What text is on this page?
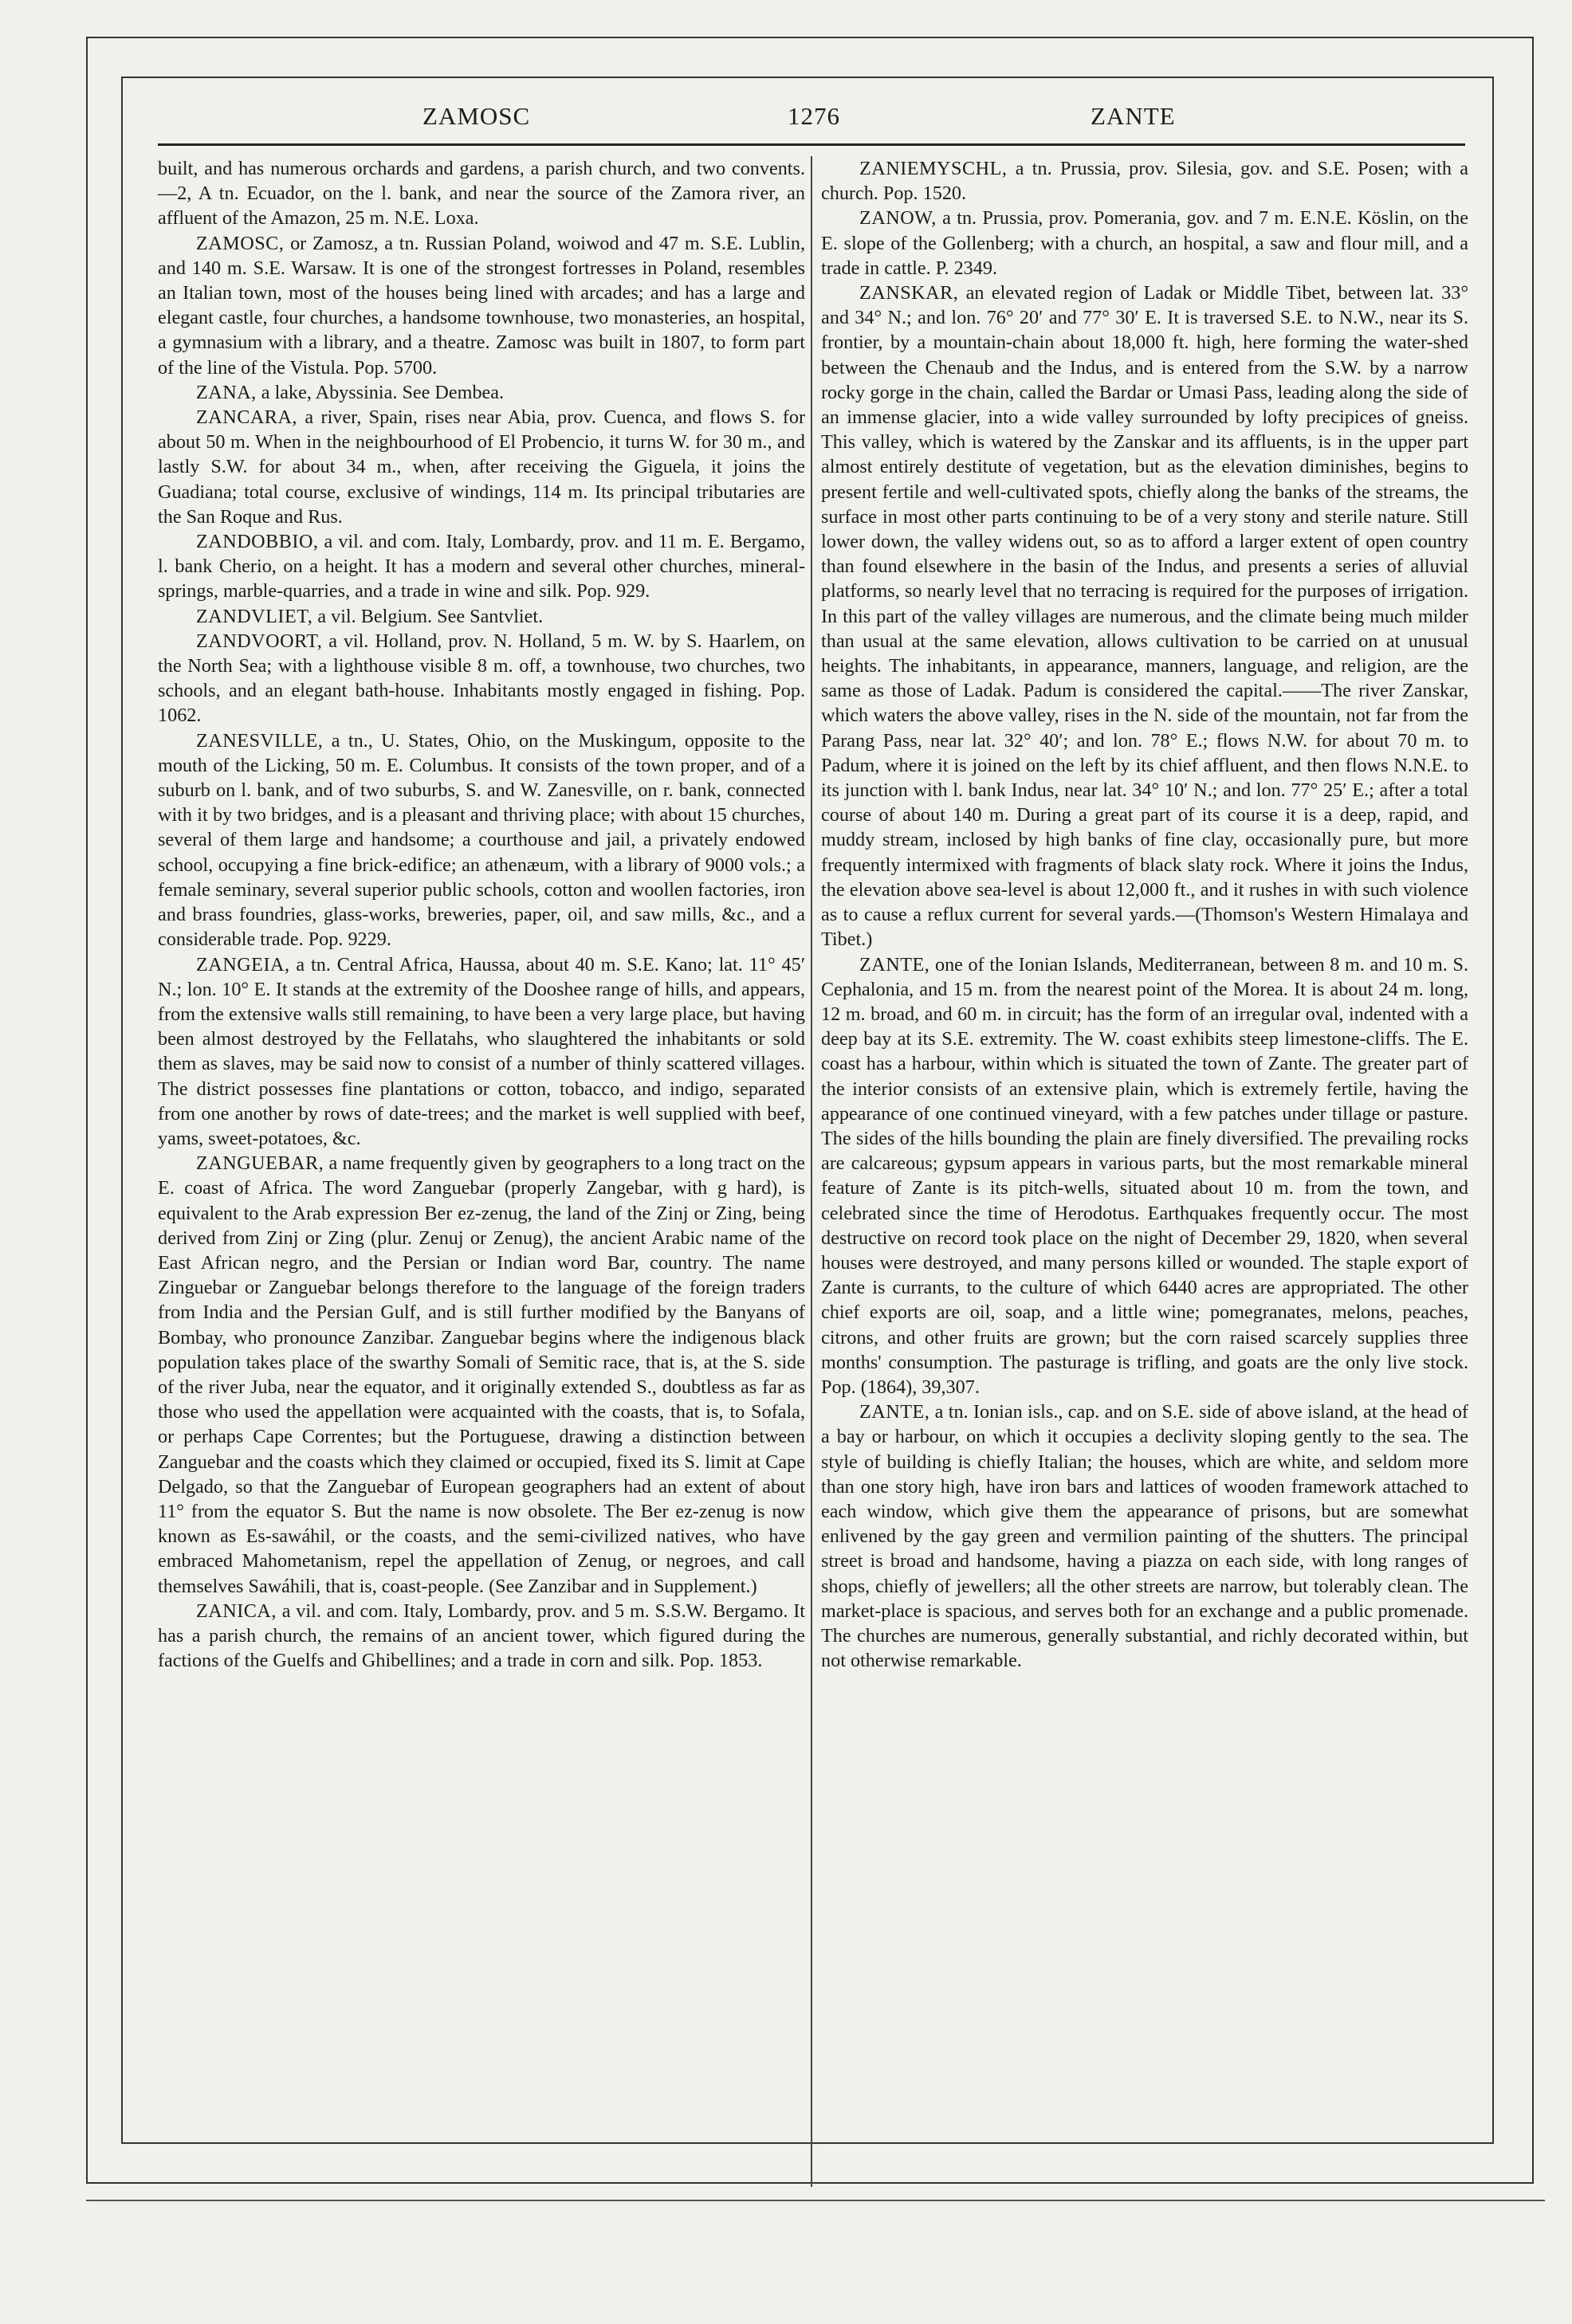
ZAMOSC	1276	ZANTE

built, and has numerous orchards and gardens, a parish church, and two convents.—2, A tn. Ecuador, on the l. bank, and near the source of the Zamora river, an affluent of the Amazon, 25 m. N.E. Loxa.

ZAMOSC, or Zamosz, a tn. Russian Poland, woiwod and 47 m. S.E. Lublin, and 140 m. S.E. Warsaw. It is one of the strongest fortresses in Poland, resembles an Italian town, most of the houses being lined with arcades; and has a large and elegant castle, four churches, a handsome townhouse, two monasteries, an hospital, a gymnasium with a library, and a theatre. Zamosc was built in 1807, to form part of the line of the Vistula. Pop. 5700.

ZANA, a lake, Abyssinia. See Dembea.

ZANCARA, a river, Spain, rises near Abia, prov. Cuenca, and flows S. for about 50 m. When in the neighbourhood of El Probencio, it turns W. for 30 m., and lastly S.W. for about 34 m., when, after receiving the Giguela, it joins the Guadiana; total course, exclusive of windings, 114 m. Its principal tributaries are the San Roque and Rus.

ZANDOBBIO, a vil. and com. Italy, Lombardy, prov. and 11 m. E. Bergamo, l. bank Cherio, on a height. It has a modern and several other churches, mineral-springs, marble-quarries, and a trade in wine and silk. Pop. 929.

ZANDVLIET, a vil. Belgium. See Santvliet.

ZANDVOORT, a vil. Holland, prov. N. Holland, 5 m. W. by S. Haarlem, on the North Sea; with a lighthouse visible 8 m. off, a townhouse, two churches, two schools, and an elegant bath-house. Inhabitants mostly engaged in fishing. Pop. 1062.

ZANESVILLE, a tn., U. States, Ohio, on the Muskingum, opposite to the mouth of the Licking, 50 m. E. Columbus. It consists of the town proper, and of a suburb on l. bank, and of two suburbs, S. and W. Zanesville, on r. bank, connected with it by two bridges, and is a pleasant and thriving place; with about 15 churches, several of them large and handsome; a courthouse and jail, a privately endowed school, occupying a fine brick-edifice; an athenæum, with a library of 9000 vols.; a female seminary, several superior public schools, cotton and woollen factories, iron and brass foundries, glass-works, breweries, paper, oil, and saw mills, &c., and a considerable trade. Pop. 9229.

ZANGEIA, a tn. Central Africa, Haussa, about 40 m. S.E. Kano; lat. 11° 45′ N.; lon. 10° E. It stands at the extremity of the Dooshee range of hills, and appears, from the extensive walls still remaining, to have been a very large place, but having been almost destroyed by the Fellatahs, who slaughtered the inhabitants or sold them as slaves, may be said now to consist of a number of thinly scattered villages. The district possesses fine plantations or cotton, tobacco, and indigo, separated from one another by rows of date-trees; and the market is well supplied with beef, yams, sweet-potatoes, &c.

ZANGUEBAR, a name frequently given by geographers to a long tract on the E. coast of Africa. The word Zanguebar (properly Zangebar, with g hard), is equivalent to the Arab expression Ber ez-zenug, the land of the Zinj or Zing, being derived from Zinj or Zing (plur. Zenuj or Zenug), the ancient Arabic name of the East African negro, and the Persian or Indian word Bar, country. The name Zinguebar or Zanguebar belongs therefore to the language of the foreign traders from India and the Persian Gulf, and is still further modified by the Banyans of Bombay, who pronounce Zanzibar. Zanguebar begins where the indigenous black population takes place of the swarthy Somali of Semitic race, that is, at the S. side of the river Juba, near the equator, and it originally extended S., doubtless as far as those who used the appellation were acquainted with the coasts, that is, to Sofala, or perhaps Cape Correntes; but the Portuguese, drawing a distinction between Zanguebar and the coasts which they claimed or occupied, fixed its S. limit at Cape Delgado, so that the Zanguebar of European geographers had an extent of about 11° from the equator S. But the name is now obsolete. The Ber ez-zenug is now known as Es-sawáhil, or the coasts, and the semi-civilized natives, who have embraced Mahometanism, repel the appellation of Zenug, or negroes, and call themselves Sawáhili, that is, coast-people. (See Zanzibar and in Supplement.)

ZANICA, a vil. and com. Italy, Lombardy, prov. and 5 m. S.S.W. Bergamo. It has a parish church, the remains of an ancient tower, which figured during the factions of the Guelfs and Ghibellines; and a trade in corn and silk. Pop. 1853.

ZANIEMYSCHL, a tn. Prussia, prov. Silesia, gov. and S.E. Posen; with a church. Pop. 1520.

ZANOW, a tn. Prussia, prov. Pomerania, gov. and 7 m. E.N.E. Köslin, on the E. slope of the Gollenberg; with a church, an hospital, a saw and flour mill, and a trade in cattle. P. 2349.

ZANSKAR, an elevated region of Ladak or Middle Tibet, between lat. 33° and 34° N.; and lon. 76° 20′ and 77° 30′ E. It is traversed S.E. to N.W., near its S. frontier, by a mountain-chain about 18,000 ft. high, here forming the water-shed between the Chenaub and the Indus, and is entered from the S.W. by a narrow rocky gorge in the chain, called the Bardar or Umasi Pass, leading along the side of an immense glacier, into a wide valley surrounded by lofty precipices of gneiss. This valley, which is watered by the Zanskar and its affluents, is in the upper part almost entirely destitute of vegetation, but as the elevation diminishes, begins to present fertile and well-cultivated spots, chiefly along the banks of the streams, the surface in most other parts continuing to be of a very stony and sterile nature. Still lower down, the valley widens out, so as to afford a larger extent of open country than found elsewhere in the basin of the Indus, and presents a series of alluvial platforms, so nearly level that no terracing is required for the purposes of irrigation. In this part of the valley villages are numerous, and the climate being much milder than usual at the same elevation, allows cultivation to be carried on at unusual heights. The inhabitants, in appearance, manners, language, and religion, are the same as those of Ladak. Padum is considered the capital.——The river Zanskar, which waters the above valley, rises in the N. side of the mountain, not far from the Parang Pass, near lat. 32° 40′; and lon. 78° E.; flows N.W. for about 70 m. to Padum, where it is joined on the left by its chief affluent, and then flows N.N.E. to its junction with l. bank Indus, near lat. 34° 10′ N.; and lon. 77° 25′ E.; after a total course of about 140 m. During a great part of its course it is a deep, rapid, and muddy stream, inclosed by high banks of fine clay, occasionally pure, but more frequently intermixed with fragments of black slaty rock. Where it joins the Indus, the elevation above sea-level is about 12,000 ft., and it rushes in with such violence as to cause a reflux current for several yards.—(Thomson's Western Himalaya and Tibet.)

ZANTE, one of the Ionian Islands, Mediterranean, between 8 m. and 10 m. S. Cephalonia, and 15 m. from the nearest point of the Morea. It is about 24 m. long, 12 m. broad, and 60 m. in circuit; has the form of an irregular oval, indented with a deep bay at its S.E. extremity. The W. coast exhibits steep limestone-cliffs. The E. coast has a harbour, within which is situated the town of Zante. The greater part of the interior consists of an extensive plain, which is extremely fertile, having the appearance of one continued vineyard, with a few patches under tillage or pasture. The sides of the hills bounding the plain are finely diversified. The prevailing rocks are calcareous; gypsum appears in various parts, but the most remarkable mineral feature of Zante is its pitch-wells, situated about 10 m. from the town, and celebrated since the time of Herodotus. Earthquakes frequently occur. The most destructive on record took place on the night of December 29, 1820, when several houses were destroyed, and many persons killed or wounded. The staple export of Zante is currants, to the culture of which 6440 acres are appropriated. The other chief exports are oil, soap, and a little wine; pomegranates, melons, peaches, citrons, and other fruits are grown; but the corn raised scarcely supplies three months' consumption. The pasturage is trifling, and goats are the only live stock. Pop. (1864), 39,307.

ZANTE, a tn. Ionian isls., cap. and on S.E. side of above island, at the head of a bay or harbour, on which it occupies a declivity sloping gently to the sea. The style of building is chiefly Italian; the houses, which are white, and seldom more than one story high, have iron bars and lattices of wooden framework attached to each window, which give them the appearance of prisons, but are somewhat enlivened by the gay green and vermilion painting of the shutters. The principal street is broad and handsome, having a piazza on each side, with long ranges of shops, chiefly of jewellers; all the other streets are narrow, but tolerably clean. The market-place is spacious, and serves both for an exchange and a public promenade. The churches are numerous, generally substantial, and richly decorated within, but not otherwise remarkable.
